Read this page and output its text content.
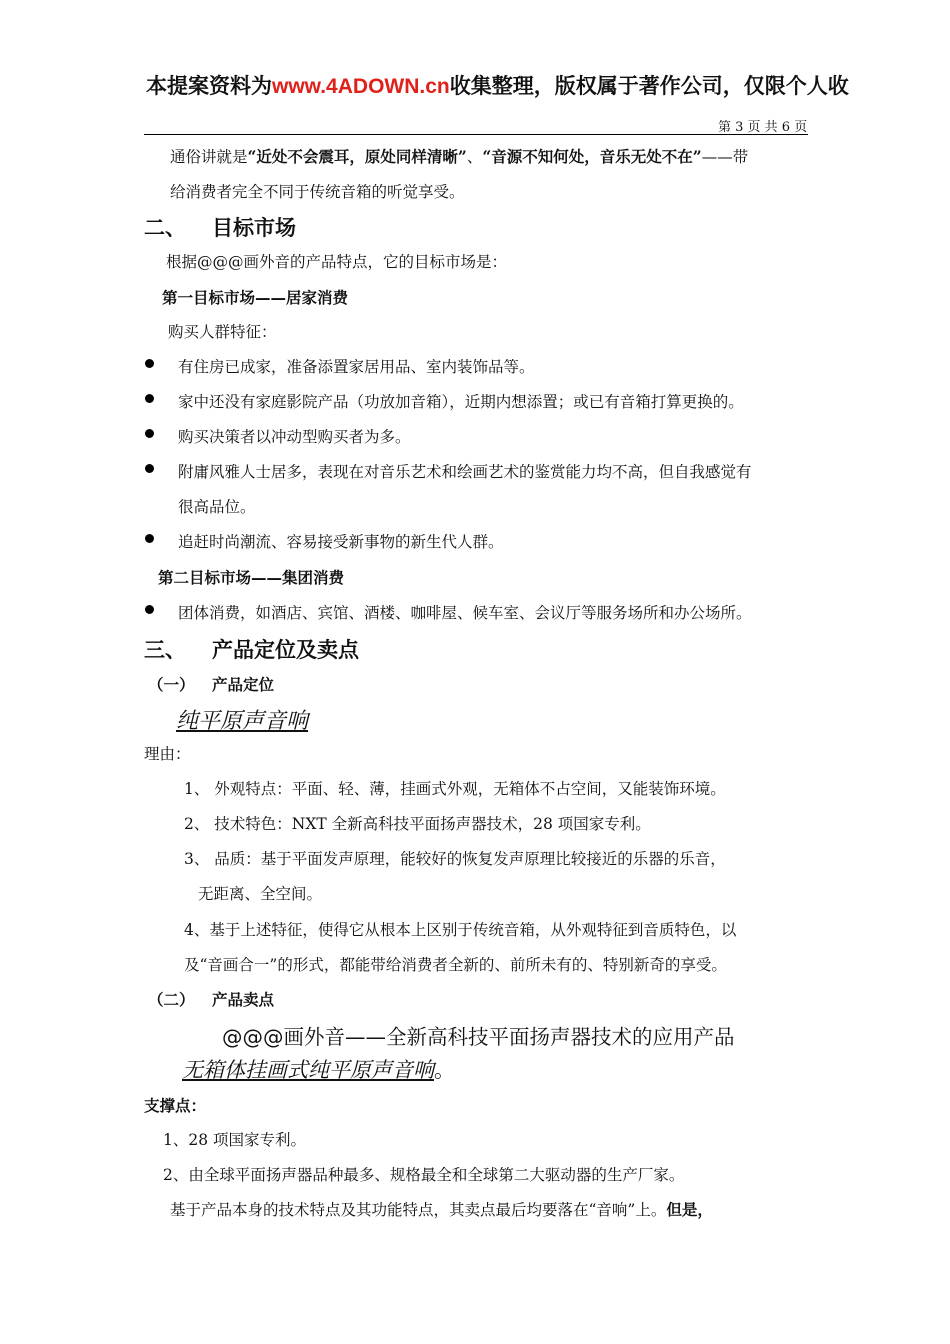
本提案资料为www.4ADOWN.cn收集整理，版权属于著作公司，仅限个人收
第 3 页 共 6 页
通俗讲就是“近处不会震耳，原处同样清晰”、“音源不知何处，音乐无处不在”——带
给消费者完全不同于传统音箱的听觉享受。
二、 目标市场
根据@@@画外音的产品特点，它的目标市场是：
第一目标市场——居家消费
购买人群特征：
有住房已成家，准备添置家居用品、室内装饰品等。
家中还没有家庭影院产品（功放加音箱），近期内想添置；或已有音箱打算更换的。
购买决策者以冲动型购买者为多。
附庸风雅人士居多，表现在对音乐艺术和绘画艺术的鉴赏能力均不高，但自我感觉有
很高品位。
追赶时尚潮流、容易接受新事物的新生代人群。
第二目标市场——集团消费
团体消费，如酒店、宾馆、酒楼、咖啡屋、候车室、会议厅等服务场所和办公场所。
三、 产品定位及卖点
（一） 产品定位
纯平原声音响
理由：
1、 外观特点：平面、轻、薄，挂画式外观，无箱体不占空间，又能装饰环境。
2、 技术特色：NXT 全新高科技平面扬声器技术，28 项国家专利。
3、 品质：基于平面发声原理，能较好的恢复发声原理比较接近的乐器的乐音，
无距离、全空间。
4、基于上述特征，使得它从根本上区别于传统音箱，从外观特征到音质特色，以
及“音画合一”的形式，都能带给消费者全新的、前所未有的、特别新奇的享受。
（二） 产品卖点
@@@画外音——全新高科技平面扬声器技术的应用产品
无箱体挂画式纯平原声音响。
支撑点：
1、28 项国家专利。
2、由全球平面扬声器品种最多、规格最全和全球第二大驱动器的生产厂家。
基于产品本身的技术特点及其功能特点，其卖点最后均要落在“音响”上。但是，
